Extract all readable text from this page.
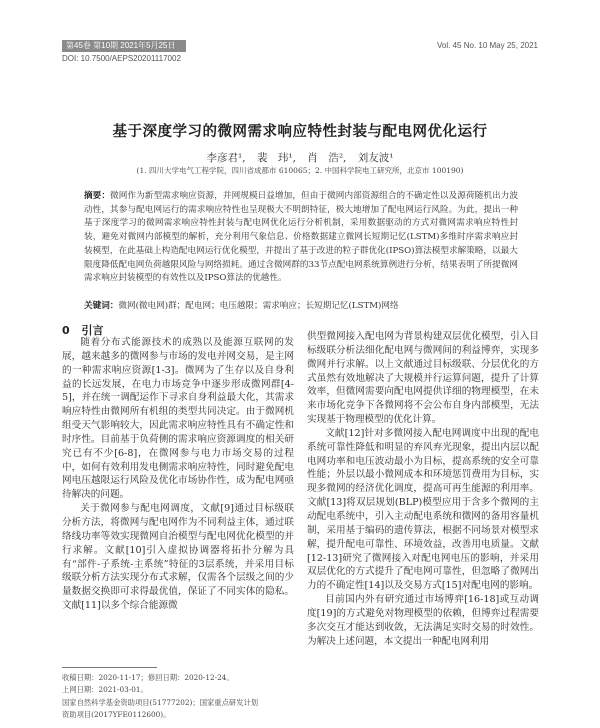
第45卷 第10期 2021年5月25日	Vol. 45 No. 10 May 25, 2021
DOI: 10.7500/AEPS20201117002
基于深度学习的微网需求响应特性封装与配电网优化运行
李彦君¹, 裴　玮¹, 肖　浩², 刘友波¹
(1. 四川大学电气工程学院，四川省成都市 610065；2. 中国科学院电工研究所，北京市 100190)
摘要：微网作为新型需求响应资源，并网规模日益增加，但由于微网内部资源组合的不确定性以及源荷随机出力波动性，其参与配电网运行的需求响应特性也呈现极大不明朗特征，极大地增加了配电网运行风险。为此，提出一种基于深度学习的微网需求响应特性封装与配电网优化运行分析机制，采用数据驱动的方式对微网需求响应特性封装，避免对微网内部模型的解析，充分利用气象信息、价格数据建立微网长短期记忆(LSTM)多维时序需求响应封装模型，在此基础上构造配电网运行优化模型，并提出了基于改进的粒子群优化(IPSO)算法模型求解策略，以最大限度降低配电网负荷越限风险与网络损耗。通过含微网群的33节点配电网系统算例进行分析，结果表明了所提微网需求响应封装模型的有效性以及IPSO算法的优越性。
关键词：微网(微电网)群；配电网；电压越限；需求响应；长短期记忆(LSTM)网络
0 引言

随着分布式能源技术的成熟以及能源互联网的发展，越来越多的微网参与市场的发电并网交易，是主网的一种需求响应资源[1-3]。微网为了生存以及自身利益的长远发展，在电力市场竞争中逐步形成微网群[4-5]，并在统一调配运作下寻求自身利益最大化，其需求响应特性由微网所有机组的类型共同决定。由于微网机组受天气影响较大，因此需求响应特性具有不确定性和时序性。目前基于负荷侧的需求响应资源调度的相关研究已有不少[6-8]，在微网参与电力市场交易的过程中，如何有效利用发电侧需求响应特性，同时避免配电网电压越限运行风险及优化市场协作性，成为配电网亟待解决的问题。

关于微网参与配电网调度，文献[9]通过目标级联分析方法，将微网与配电网作为不同利益主体，通过联络线功率等效实现微网自治模型与配电网优化模型的并行求解。文献[10]引入虚拟协调器将拓扑分解为具有“部件-子系统-主系统”特征的3层系统，并采用目标级联分析方法实现分布式求解，仅需各个层级之间的少量数据交换即可求得最优值，保证了不同实体的隐私。文献[11]以多个综合能源微

供型微网接入配电网为背景构建双层优化模型，引入目标级联分析法细化配电网与微网间的利益博弈，实现多微网并行求解。以上文献通过目标级联、分层优化的方式虽然有效地解决了大规模并行运算问题，提升了计算效率，但微网需要向配电网提供详细的物理模型，在未来市场化竞争下各微网将不会公布自身内部模型，无法实现基于物理模型的优化计算。

文献[12]针对多微网接入配电网调度中出现的配电系统可靠性降低和明显的弃风弃光现象，提出内层以配电网功率和电压波动最小为目标，提高系统的安全可靠性能；外层以最小微网成本和环境惩罚费用为目标，实现多微网的经济优化调度，提高可再生能源的利用率。文献[13]将双层规划(BLP)模型应用于含多个微网的主动配电系统中，引入主动配电系统和微网的备用容量机制，采用基于编码的遗传算法，根据不同场景对模型求解，提升配电可靠性、环境效益，改善用电质量。文献[12-13]研究了微网接入对配电网电压的影响，并采用双层优化的方式提升了配电网可靠性，但忽略了微网出力的不确定性[14]以及交易方式[15]对配电网的影响。

目前国内外有研究通过市场博弈[16-18]或互动调度[19]的方式避免对物理模型的依赖，但博弈过程需要多次交互才能达到收敛，无法满足实时交易的时效性。为解决上述问题，本文提出一种配电网利用

收稿日期：2020-11-17；修回日期：2020-12-24。
上网日期：2021-03-01。
国家自然科学基金资助项目(51777202)；国家重点研发计划
资助项目(2017YFE0112600)。
